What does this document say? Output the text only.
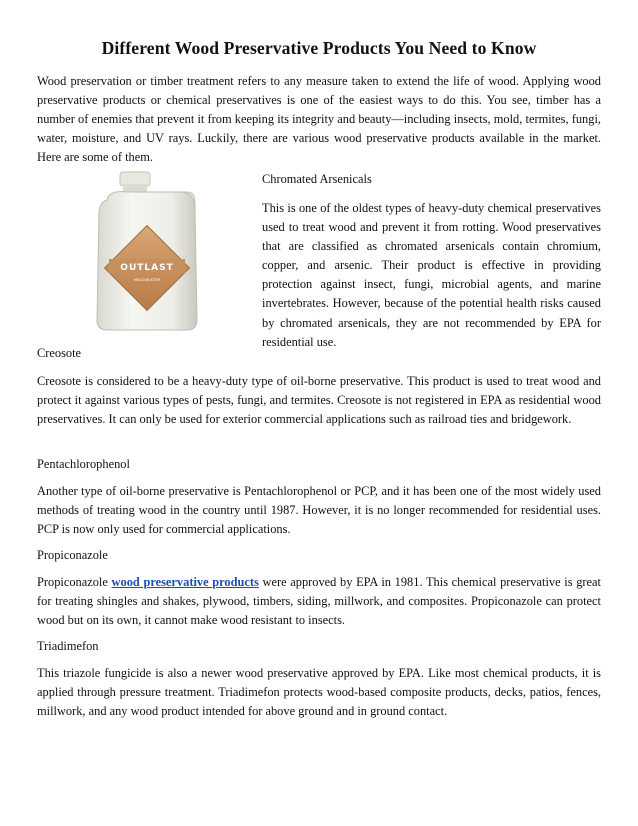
Different Wood Preservative Products You Need to Know

Wood preservation or timber treatment refers to any measure taken to extend the life of wood. Applying wood preservative products or chemical preservatives is one of the easiest ways to do this. You see, timber has a number of enemies that prevent it from keeping its integrity and beauty—including insects, mold, termites, fungi, water, moisture, and UV rays. Luckily, there are various wood preservative products available in the market. Here are some of them.

OUTLAST
MOLD-BUSTER

Chromated Arsenicals

This is one of the oldest types of heavy-duty chemical preservatives used to treat wood and prevent it from rotting. Wood preservatives that are classified as chromated arsenicals contain chromium, copper, and arsenic. Their product is effective in providing protection against insect, fungi, microbial agents, and marine invertebrates. However, because of the potential health risks caused by chromated arsenicals, they are not recommended by EPA for residential use.

Creosote

Creosote is considered to be a heavy-duty type of oil-borne preservative. This product is used to treat wood and protect it against various types of pests, fungi, and termites. Creosote is not registered in EPA as residential wood preservatives. It can only be used for exterior commercial applications such as railroad ties and bridgework.

Pentachlorophenol

Another type of oil-borne preservative is Pentachlorophenol or PCP, and it has been one of the most widely used methods of treating wood in the country until 1987. However, it is no longer recommended for residential uses. PCP is now only used for commercial applications.

Propiconazole

Propiconazole wood preservative products were approved by EPA in 1981. This chemical preservative is great for treating shingles and shakes, plywood, timbers, siding, millwork, and composites. Propiconazole can protect wood but on its own, it cannot make wood resistant to insects.

Triadimefon

This triazole fungicide is also a newer wood preservative approved by EPA. Like most chemical products, it is applied through pressure treatment. Triadimefon protects wood-based composite products, decks, patios, fences, millwork, and any wood product intended for above ground and in ground contact.
